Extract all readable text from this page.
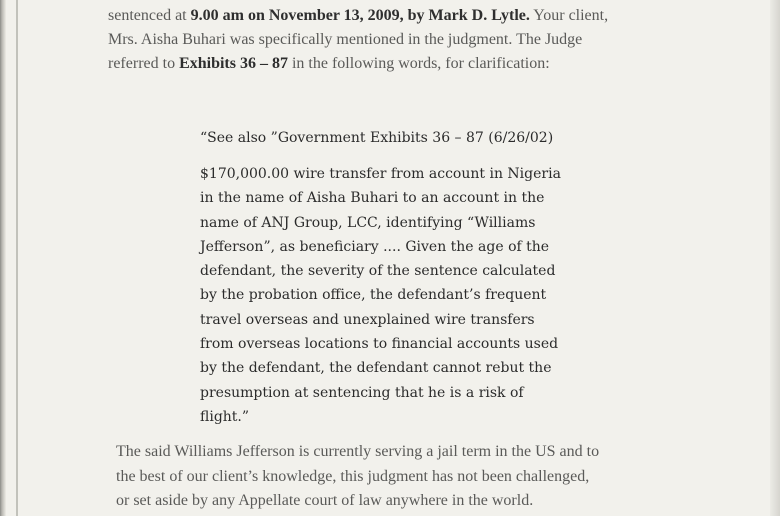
sentenced at 9.00 am on November 13, 2009, by Mark D. Lytle. Your client,

Mrs. Aisha Buhari was specifically mentioned in the judgment. The Judge

referred to Exhibits 36 – 87 in the following words, for clarification:

“See also ”Government Exhibits 36 – 87 (6/26/02)

$170,000.00 wire transfer from account in Nigeria
in the name of Aisha Buhari to an account in the
name of ANJ Group, LCC, identifying “Williams
Jefferson”, as beneficiary .... Given the age of the
defendant, the severity of the sentence calculated
by the probation office, the defendant’s frequent
travel overseas and unexplained wire transfers
from overseas locations to financial accounts used
by the defendant, the defendant cannot rebut the
presumption at sentencing that he is a risk of
flight.”

The said Williams Jefferson is currently serving a jail term in the US and to

the best of our client’s knowledge, this judgment has not been challenged,

or set aside by any Appellate court of law anywhere in the world.
